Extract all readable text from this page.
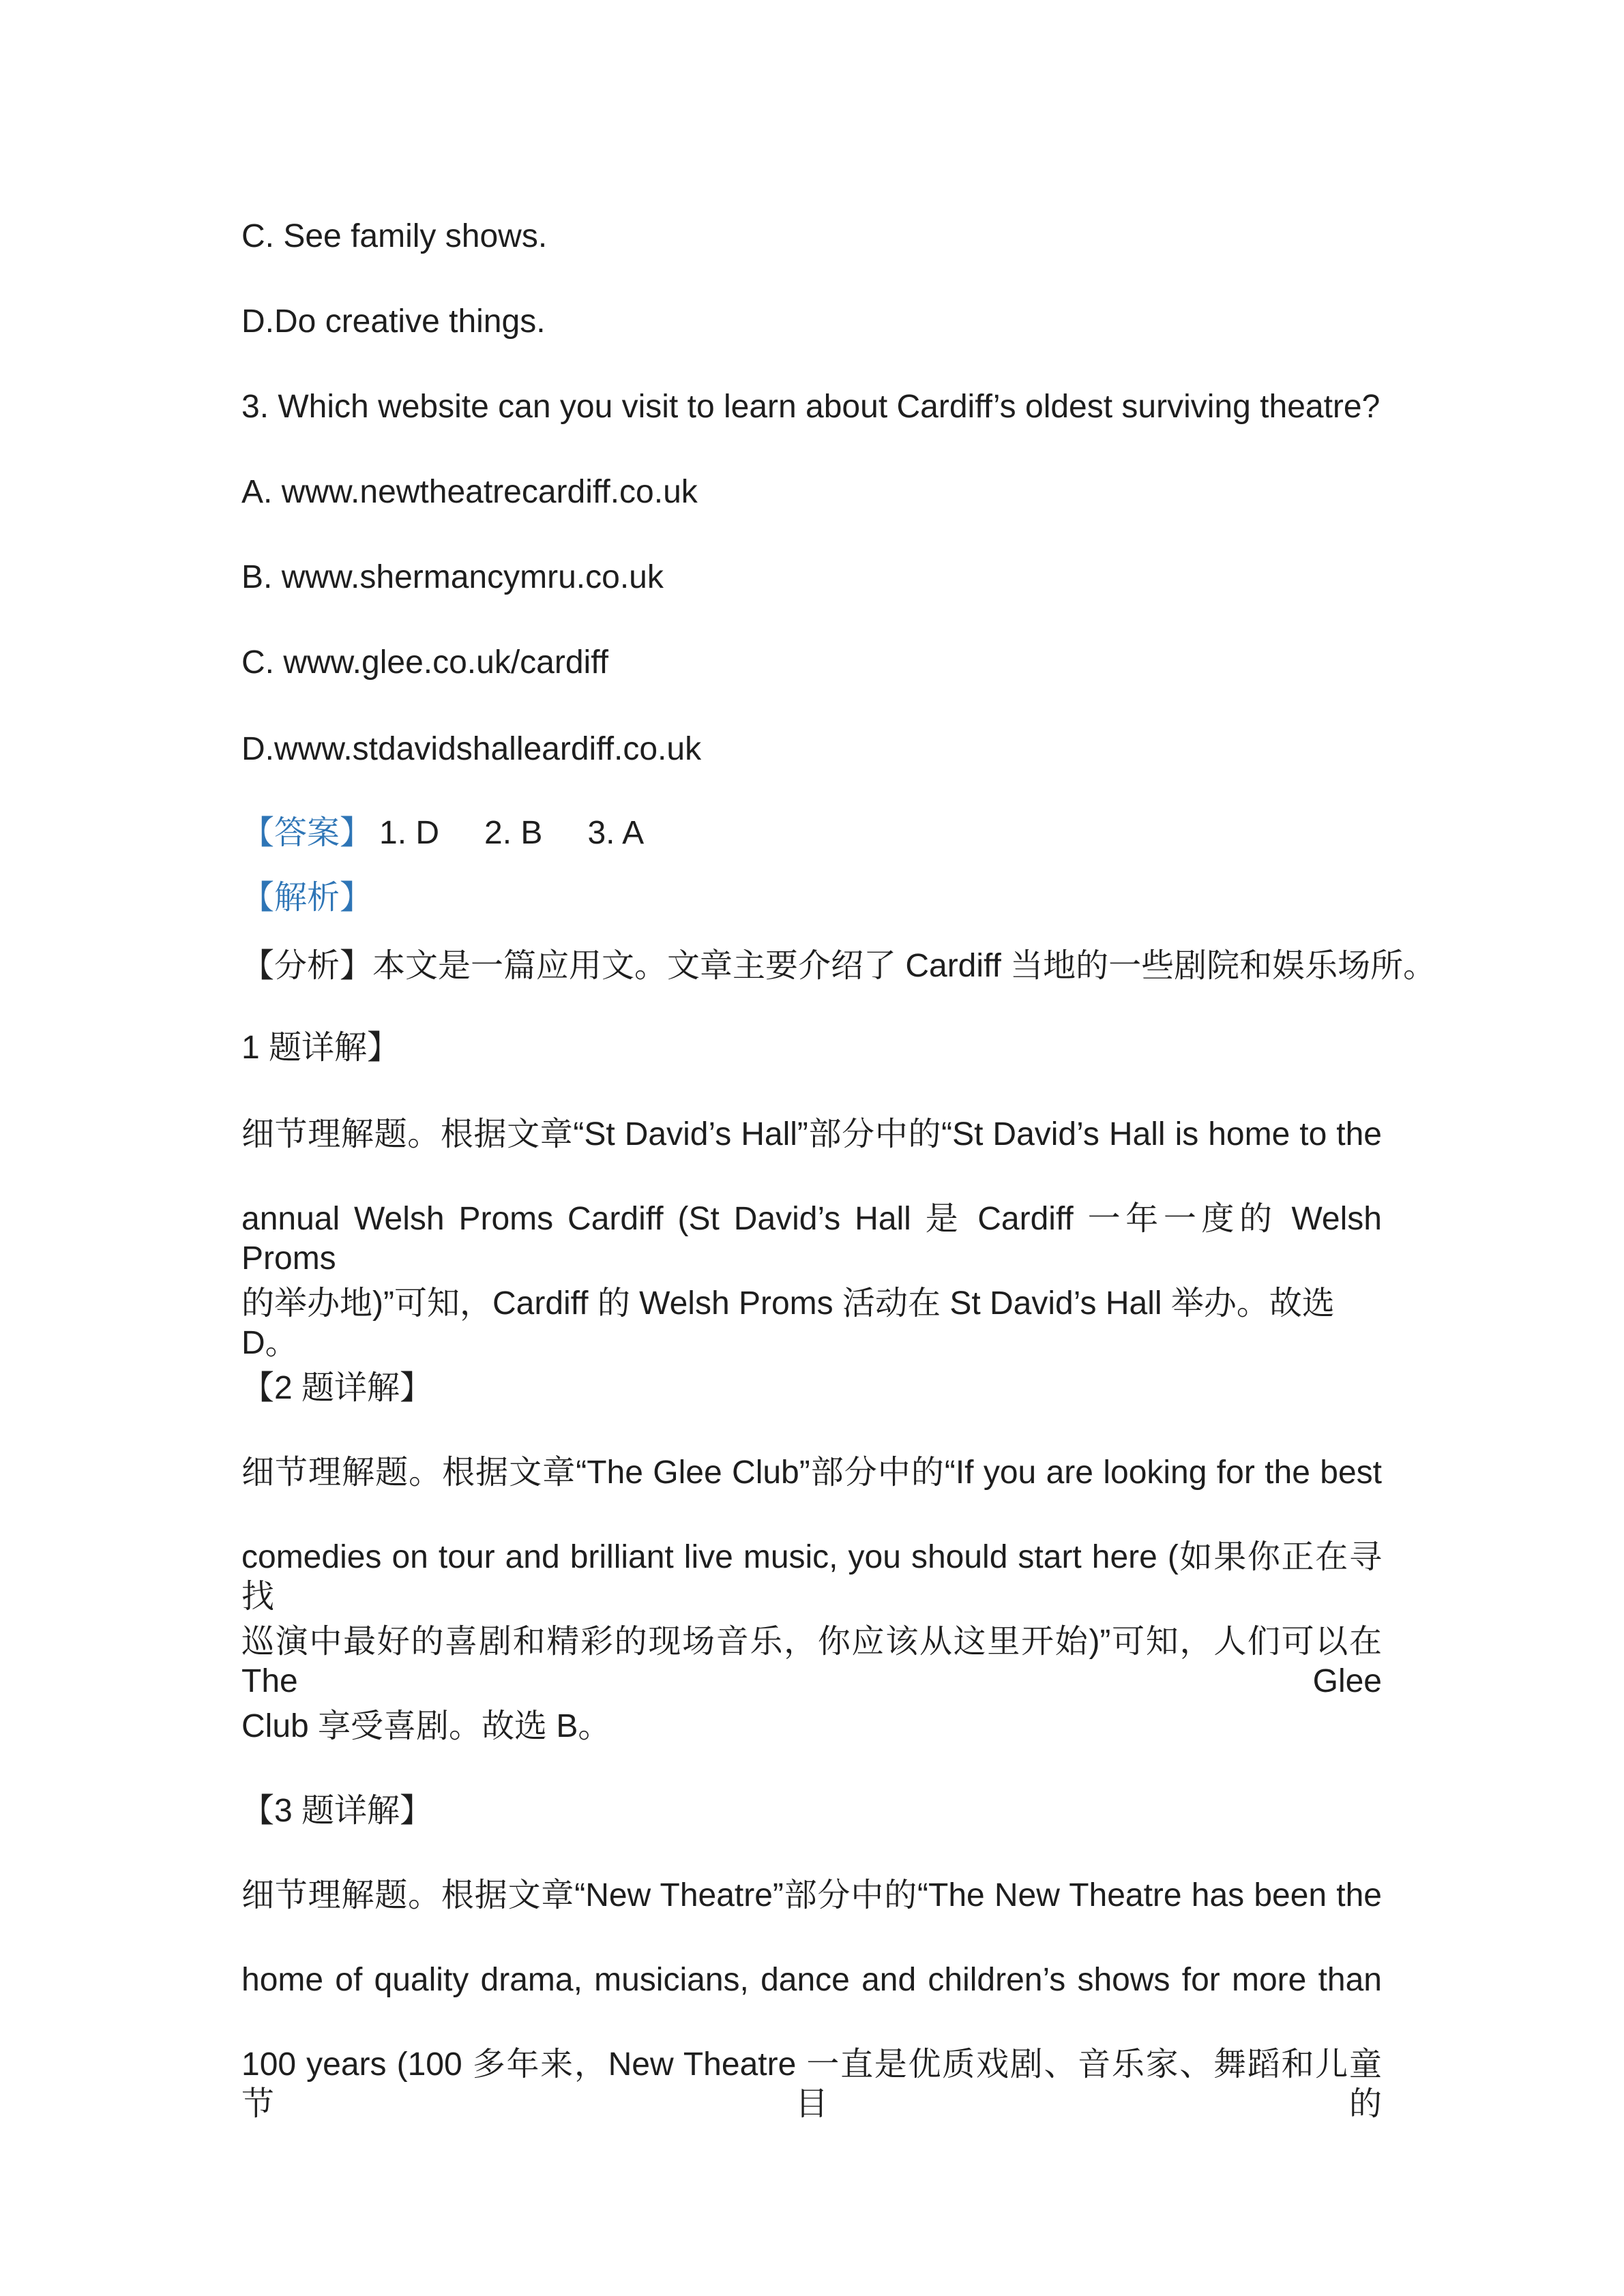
C. See family shows.
D.Do creative things.
3. Which website can you visit to learn about Cardiff’s oldest surviving theatre?
A. www.newtheatrecardiff.co.uk
B. www.shermancymru.co.uk
C. www.glee.co.uk/cardiff
D.www.stdavidshalleardiff.co.uk
【答案】 1. D 2. B 3. A
【解析】
【分析】本文是一篇应用文。文章主要介绍了 Cardiff 当地的一些剧院和娱乐场所。
1 题详解】
细节理解题。根据文章“St David’s Hall”部分中的“St David’s Hall is home to the
annual Welsh Proms Cardiff (St David’s Hall 是 Cardiff 一年一度的 Welsh Proms
的举办地)”可知，Cardiff 的 Welsh Proms 活动在 St David’s Hall 举办。故选 D。
【2 题详解】
细节理解题。根据文章“The Glee Club”部分中的“If you are looking for the best
comedies on tour and brilliant live music, you should start here (如果你正在寻找
巡演中最好的喜剧和精彩的现场音乐，你应该从这里开始)”可知，人们可以在 The Glee
Club 享受喜剧。故选 B。
【3 题详解】
细节理解题。根据文章“New Theatre”部分中的“The New Theatre has been the
home of quality drama, musicians, dance and children’s shows for more than
100 years (100 多年来，New Theatre 一直是优质戏剧、音乐家、舞蹈和儿童节目的
